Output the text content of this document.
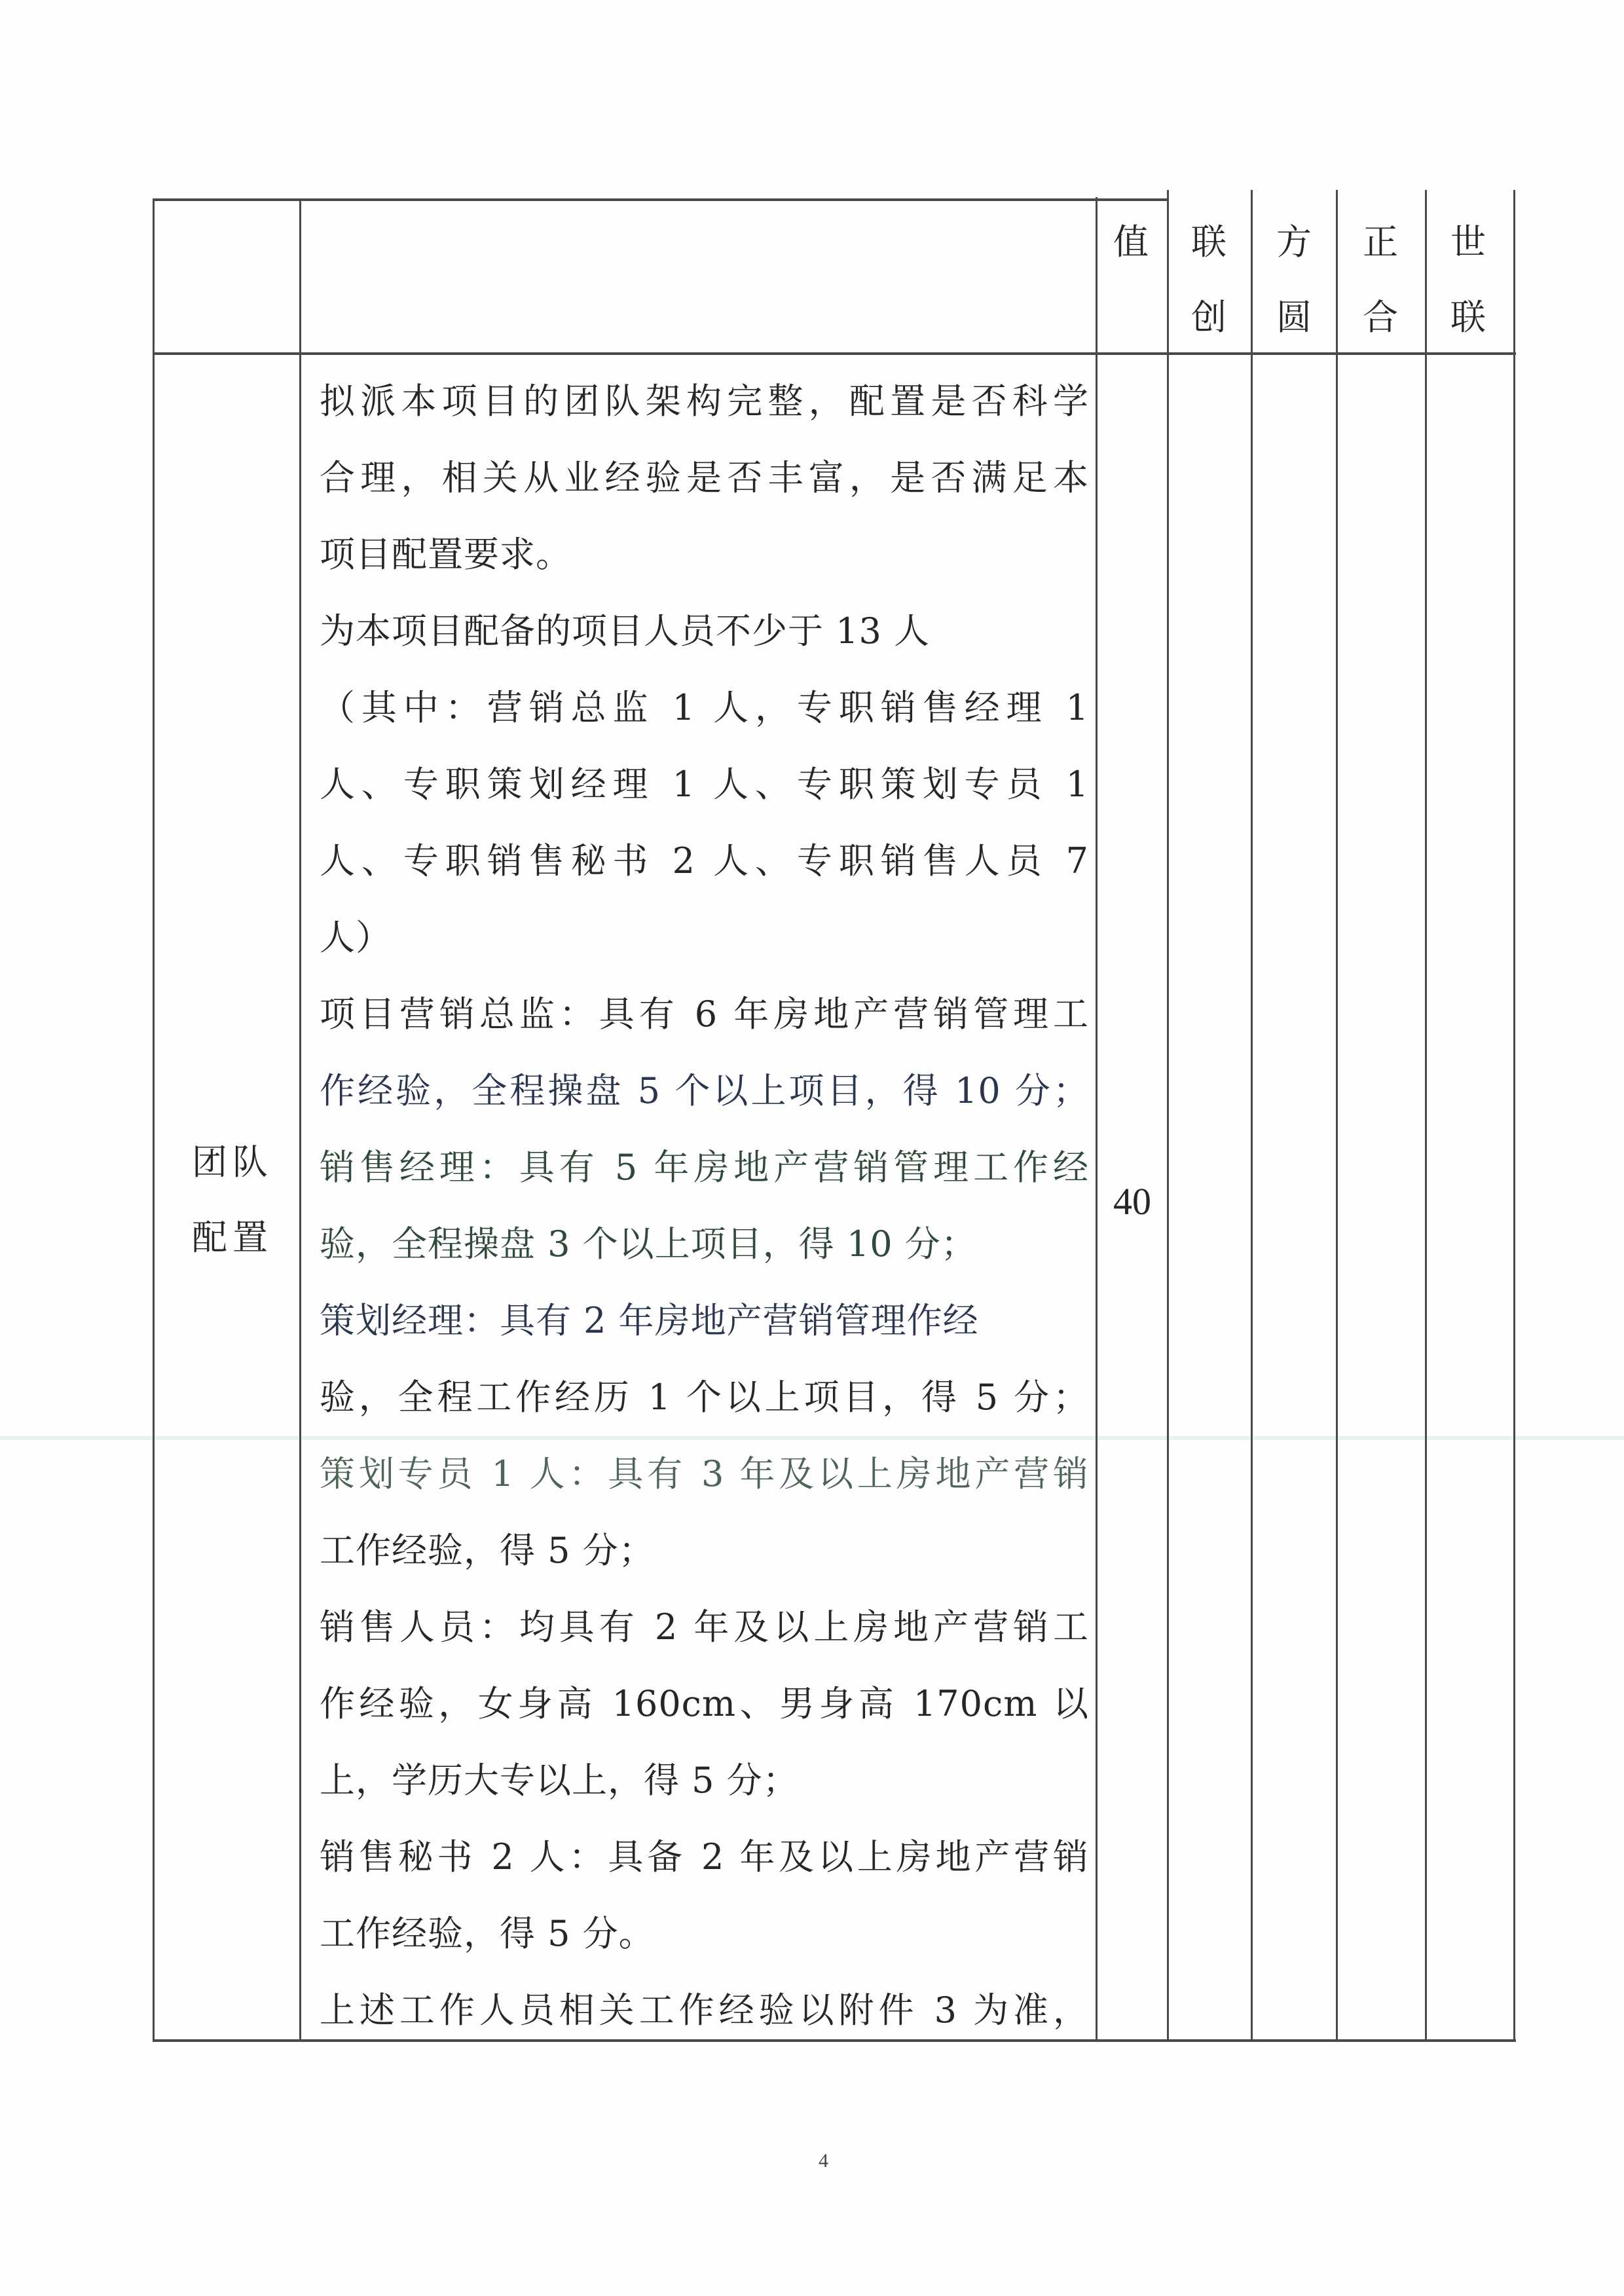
值 联
创
方
圆
正
合
世
联
团队
配置
40
拟派本项目的团队架构完整，配置是否科学
合理，相关从业经验是否丰富，是否满足本
项目配置要求。
为本项目配备的项目人员不少于 13 人
（其中：营销总监 1 人，专职销售经理 1
人、专职策划经理 1 人、专职策划专员 1
人、专职销售秘书 2 人、专职销售人员 7
人）
项目营销总监：具有 6 年房地产营销管理工
作经验，全程操盘 5 个以上项目，得 10 分；
销售经理：具有 5 年房地产营销管理工作经
验，全程操盘 3 个以上项目，得 10 分；
策划经理：具有 2 年房地产营销管理作经
验，全程工作经历 1 个以上项目，得 5 分；
策划专员 1 人：具有 3 年及以上房地产营销
工作经验，得 5 分；
销售人员：均具有 2 年及以上房地产营销工
作经验，女身高 160cm、男身高 170cm 以
上，学历大专以上，得 5 分；
销售秘书 2 人：具备 2 年及以上房地产营销
工作经验，得 5 分。
上述工作人员相关工作经验以附件 3 为准，
4
